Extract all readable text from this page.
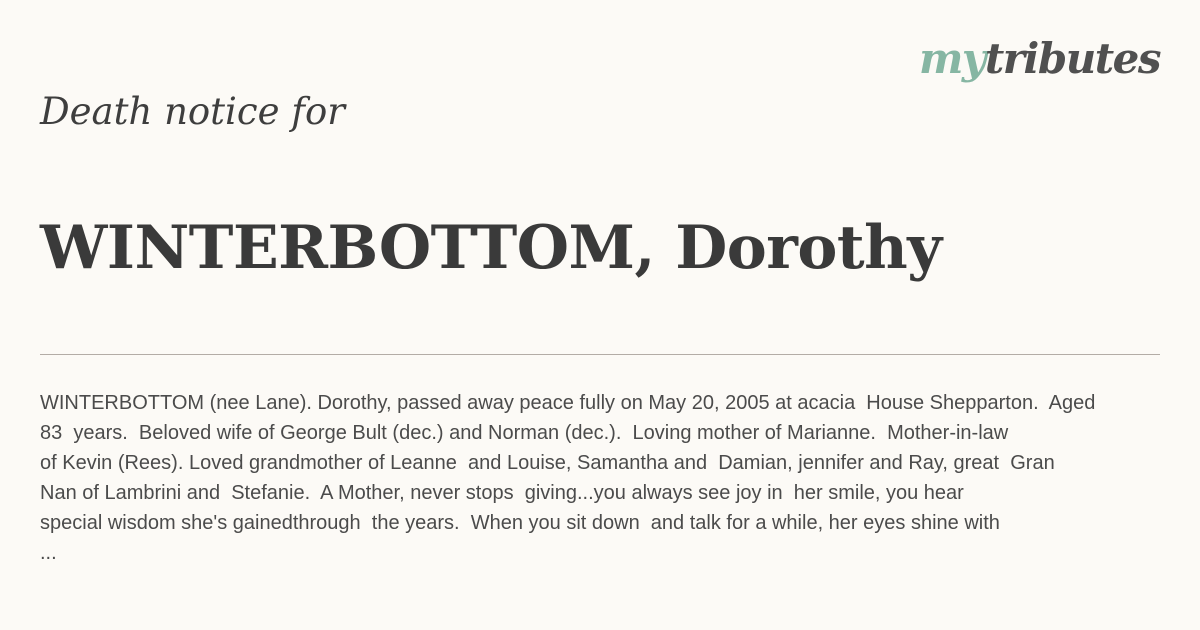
mytributes
Death notice for
WINTERBOTTOM, Dorothy
WINTERBOTTOM (nee Lane). Dorothy, passed away peace fully on May 20, 2005 at acacia  House Shepparton.  Aged
83  years.  Beloved wife of George Bult (dec.) and Norman (dec.).  Loving mother of Marianne.  Mother-in-law
of Kevin (Rees). Loved grandmother of Leanne  and Louise, Samantha and  Damian, jennifer and Ray, great  Gran
Nan of Lambrini and  Stefanie.  A Mother, never stops  giving...you always see joy in  her smile, you hear
special wisdom she's gainedthrough  the years.  When you sit down  and talk for a while, her eyes shine with
...
